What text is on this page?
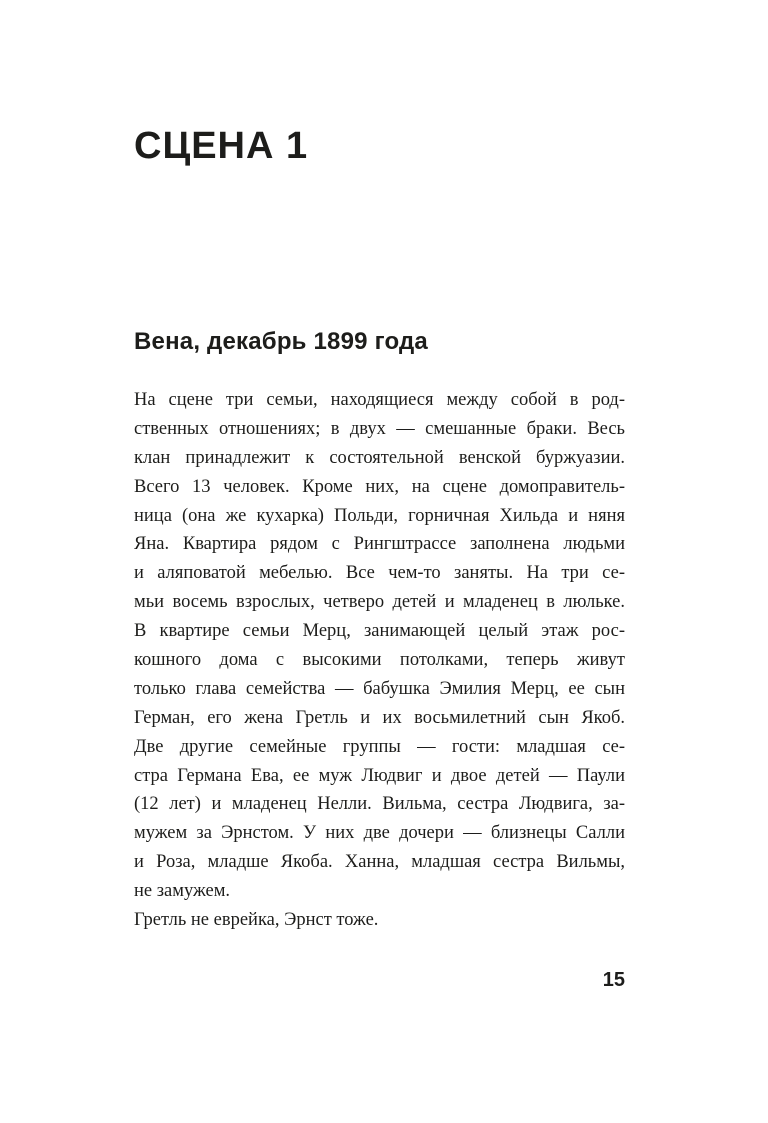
СЦЕНА 1
Вена, декабрь 1899 года
На сцене три семьи, находящиеся между собой в род-
ственных отношениях; в двух — смешанные браки. Весь
клан принадлежит к состоятельной венской буржуазии.
Всего 13 человек. Кроме них, на сцене домоправитель-
ница (она же кухарка) Польди, горничная Хильда и няня
Яна. Квартира рядом с Рингштрассе заполнена людьми
и аляповатой мебелью. Все чем-то заняты. На три се-
мьи восемь взрослых, четверо детей и младенец в люльке.
В квартире семьи Мерц, занимающей целый этаж рос-
кошного дома с высокими потолками, теперь живут
только глава семейства — бабушка Эмилия Мерц, ее сын
Герман, его жена Гретль и их восьмилетний сын Якоб.
Две другие семейные группы — гости: младшая се-
стра Германа Ева, ее муж Людвиг и двое детей — Паули
(12 лет) и младенец Нелли. Вильма, сестра Людвига, за-
мужем за Эрнстом. У них две дочери — близнецы Салли
и Роза, младше Якоба. Ханна, младшая сестра Вильмы,
не замужем.
Гретль не еврейка, Эрнст тоже.
15
